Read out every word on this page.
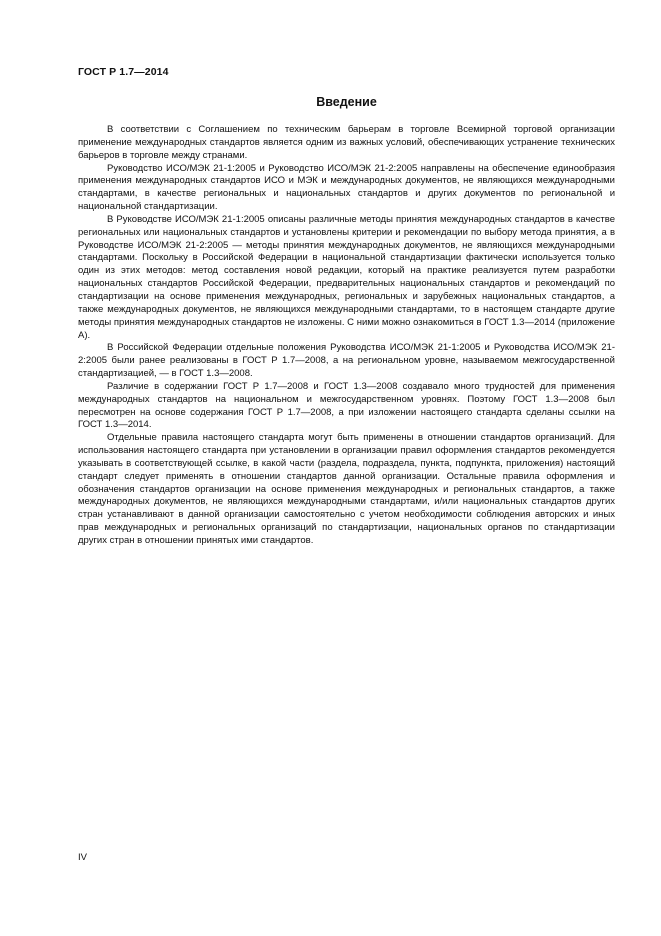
ГОСТ Р 1.7—2014
Введение

В соответствии с Соглашением по техническим барьерам в торговле Всемирной торговой организации применение международных стандартов является одним из важных условий, обеспечивающих устранение технических барьеров в торговле между странами.

Руководство ИСО/МЭК 21-1:2005 и Руководство ИСО/МЭК 21-2:2005 направлены на обеспечение единообразия применения международных стандартов ИСО и МЭК и международных документов, не являющихся международными стандартами, в качестве региональных и национальных стандартов и других документов по региональной и национальной стандартизации.

В Руководстве ИСО/МЭК 21-1:2005 описаны различные методы принятия международных стандартов в качестве региональных или национальных стандартов и установлены критерии и рекомендации по выбору метода принятия, а в Руководстве ИСО/МЭК 21-2:2005 — методы принятия международных документов, не являющихся международными стандартами. Поскольку в Российской Федерации в национальной стандартизации фактически используется только один из этих методов: метод составления новой редакции, который на практике реализуется путем разработки национальных стандартов Российской Федерации, предварительных национальных стандартов и рекомендаций по стандартизации на основе применения международных, региональных и зарубежных национальных стандартов, а также международных документов, не являющихся международными стандартами, то в настоящем стандарте другие методы принятия международных стандартов не изложены. С ними можно ознакомиться в ГОСТ 1.3—2014 (приложение А).

В Российской Федерации отдельные положения Руководства ИСО/МЭК 21-1:2005 и Руководства ИСО/МЭК 21-2:2005 были ранее реализованы в ГОСТ Р 1.7—2008, а на региональном уровне, называемом межгосударственной стандартизацией, — в ГОСТ 1.3—2008.

Различие в содержании ГОСТ Р 1.7—2008 и ГОСТ 1.3—2008 создавало много трудностей для применения международных стандартов на национальном и межгосударственном уровнях. Поэтому ГОСТ 1.3—2008 был пересмотрен на основе содержания ГОСТ Р 1.7—2008, а при изложении настоящего стандарта сделаны ссылки на ГОСТ 1.3—2014.

Отдельные правила настоящего стандарта могут быть применены в отношении стандартов организаций. Для использования настоящего стандарта при установлении в организации правил оформления стандартов рекомендуется указывать в соответствующей ссылке, в какой части (раздела, подраздела, пункта, подпункта, приложения) настоящий стандарт следует применять в отношении стандартов данной организации. Остальные правила оформления и обозначения стандартов организации на основе применения международных и региональных стандартов, а также международных документов, не являющихся международными стандартами, и/или национальных стандартов других стран устанавливают в данной организации самостоятельно с учетом необходимости соблюдения авторских и иных прав международных и региональных организаций по стандартизации, национальных органов по стандартизации других стран в отношении принятых ими стандартов.

IV
